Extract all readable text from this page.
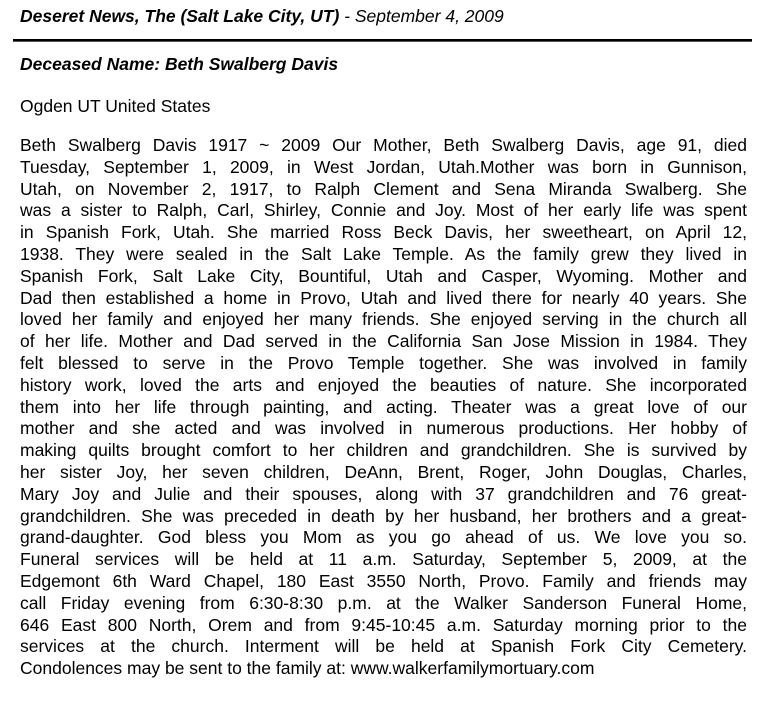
Deseret News, The (Salt Lake City, UT) - September 4, 2009
Deceased Name: Beth Swalberg Davis
Ogden UT United States
Beth Swalberg Davis 1917 ~ 2009 Our Mother, Beth Swalberg Davis, age 91, died
Tuesday, September 1, 2009, in West Jordan, Utah.Mother was born in Gunnison,
Utah, on November 2, 1917, to Ralph Clement and Sena Miranda Swalberg. She
was a sister to Ralph, Carl, Shirley, Connie and Joy. Most of her early life was spent
in Spanish Fork, Utah. She married Ross Beck Davis, her sweetheart, on April 12,
1938. They were sealed in the Salt Lake Temple. As the family grew they lived in
Spanish Fork, Salt Lake City, Bountiful, Utah and Casper, Wyoming. Mother and
Dad then established a home in Provo, Utah and lived there for nearly 40 years. She
loved her family and enjoyed her many friends. She enjoyed serving in the church all
of her life. Mother and Dad served in the California San Jose Mission in 1984. They
felt blessed to serve in the Provo Temple together. She was involved in family
history work, loved the arts and enjoyed the beauties of nature. She incorporated
them into her life through painting, and acting. Theater was a great love of our
mother and she acted and was involved in numerous productions. Her hobby of
making quilts brought comfort to her children and grandchildren. She is survived by
her sister Joy, her seven children, DeAnn, Brent, Roger, John Douglas, Charles,
Mary Joy and Julie and their spouses, along with 37 grandchildren and 76 great-
grandchildren. She was preceded in death by her husband, her brothers and a great-
grand-daughter. God bless you Mom as you go ahead of us. We love you so.
Funeral services will be held at 11 a.m. Saturday, September 5, 2009, at the
Edgemont 6th Ward Chapel, 180 East 3550 North, Provo. Family and friends may
call Friday evening from 6:30-8:30 p.m. at the Walker Sanderson Funeral Home,
646 East 800 North, Orem and from 9:45-10:45 a.m. Saturday morning prior to the
services at the church. Interment will be held at Spanish Fork City Cemetery.
Condolences may be sent to the family at: www.walkerfamilymortuary.com
